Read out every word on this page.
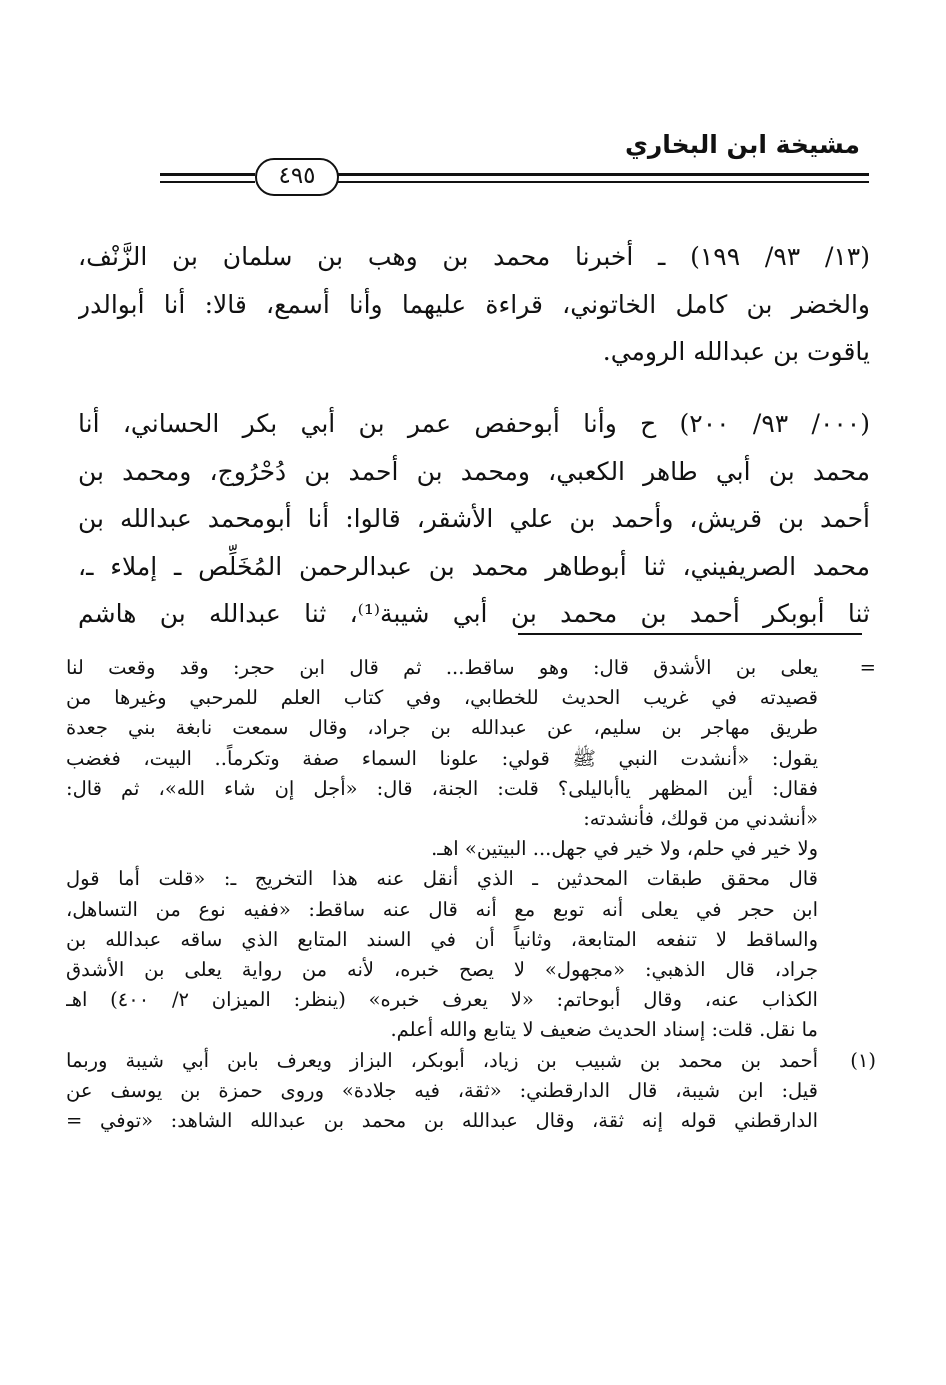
مشيخة ابن البخاري
٤٩٥
(١٣/ ٩٣/ ١٩٩) ـ أخبرنا محمد بن وهب بن سلمان بن الزَّنْف،
والخضر بن كامل الخاتوني، قراءة عليهما وأنا أسمع، قالا: أنا أبوالدر
ياقوت بن عبدالله الرومي.
(٠٠٠/ ٩٣/ ٢٠٠) ح وأنا أبوحفص عمر بن أبي بكر الحساني، أنا
محمد بن أبي طاهر الكعبي، ومحمد بن أحمد بن دُحْرُوج، ومحمد بن
أحمد بن قريش، وأحمد بن علي الأشقر، قالوا: أنا أبومحمد عبدالله بن
محمد الصريفيني، ثنا أبوطاهر محمد بن عبدالرحمن المُخَلِّص ـ إملاء ـ،
ثنا أبوبكر أحمد بن محمد بن أبي شيبة⁽¹⁾، ثنا عبدالله بن هاشم
=
يعلى بن الأشدق قال: وهو ساقط... ثم قال ابن حجر: وقد وقعت لنا
قصيدته في غريب الحديث للخطابي، وفي كتاب العلم للمرحبي وغيرها من
طريق مهاجر بن سليم، عن عبدالله بن جراد، وقال سمعت نابغة بني جعدة
يقول: «أنشدت النبي ﷺ قولي: علونا السماء صفة وتكرماً.. البيت، فغضب
فقال: أين المظهر ياأباليلى؟ قلت: الجنة، قال: «أجل إن شاء الله»، ثم قال:
«أنشدني من قولك، فأنشدته:
ولا خير في حلم، ولا خير في جهل... البيتين» اهـ.
قال محقق طبقات المحدثين ـ الذي أنقل عنه هذا التخريج ـ: «قلت أما قول
ابن حجر في يعلى أنه توبع مع أنه قال عنه ساقط: «ففيه نوع من التساهل،
والساقط لا تنفعه المتابعة، وثانياً أن في السند المتابع الذي ساقه عبدالله بن
جراد، قال الذهبي: «مجهول» لا يصح خبره، لأنه من رواية يعلى بن الأشدق
الكذاب عنه، وقال أبوحاتم: «لا يعرف خبره» (ينظر: الميزان ٢/ ٤٠٠) اهـ
ما نقل. قلت: إسناد الحديث ضعيف لا يتابع والله أعلم.
(١)
أحمد بن محمد بن شبيب بن زياد، أبوبكر، البزاز ويعرف بابن أبي شيبة وربما
قيل: ابن شيبة، قال الدارقطني: «ثقة، فيه جلادة» وروى حمزة بن يوسف عن
الدارقطني قوله إنه ثقة، وقال عبدالله بن محمد بن عبدالله الشاهد: «توفي =
